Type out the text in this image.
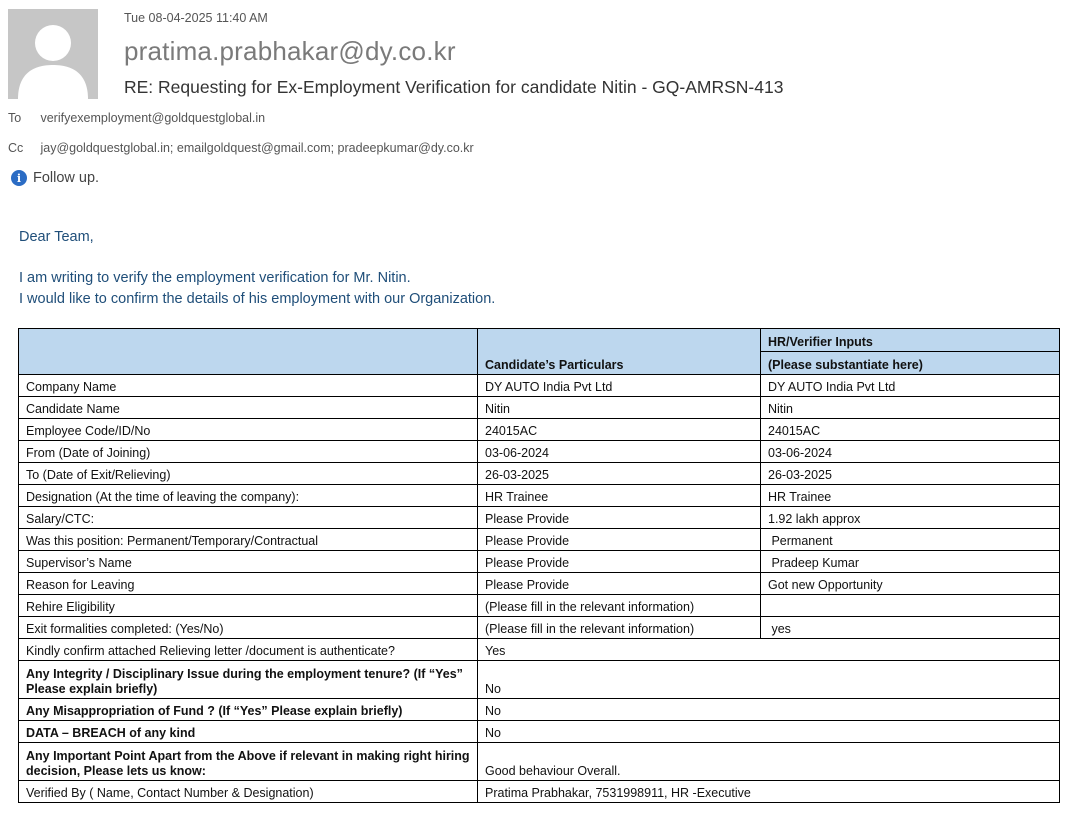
Tue 08-04-2025 11:40 AM
pratima.prabhakar@dy.co.kr
RE: Requesting for Ex-Employment Verification for candidate Nitin - GQ-AMRSN-413
To verifyexemployment@goldquestglobal.in
Cc jay@goldquestglobal.in; emailgoldquest@gmail.com; pradeepkumar@dy.co.kr
i Follow up.
Dear Team,
I am writing to verify the employment verification for Mr. Nitin.
I would like to confirm the details of his employment with our Organization.
	Candidate’s Particulars	HR/Verifier Inputs
		(Please substantiate here)
Company Name	DY AUTO India Pvt Ltd	DY AUTO India Pvt Ltd
Candidate Name	Nitin	Nitin
Employee Code/ID/No	24015AC	24015AC
From (Date of Joining)	03-06-2024	03-06-2024
To (Date of Exit/Relieving)	26-03-2025	26-03-2025
Designation (At the time of leaving the company):	HR Trainee	HR Trainee
Salary/CTC:	Please Provide	1.92 lakh approx
Was this position: Permanent/Temporary/Contractual	Please Provide	Permanent
Supervisor’s Name	Please Provide	Pradeep Kumar
Reason for Leaving	Please Provide	Got new Opportunity
Rehire Eligibility	(Please fill in the relevant information)	
Exit formalities completed: (Yes/No)	(Please fill in the relevant information)	yes
Kindly confirm attached Relieving letter /document is authenticate?	Yes	
Any Integrity / Disciplinary Issue during the employment tenure? (If “Yes” Please explain briefly)	No	
Any Misappropriation of Fund ? (If “Yes” Please explain briefly)	No	
DATA – BREACH of any kind	No	
Any Important Point Apart from the Above if relevant in making right hiring decision, Please lets us know:	Good behaviour Overall.	
Verified By ( Name, Contact Number & Designation)	Pratima Prabhakar, 7531998911, HR -Executive	
